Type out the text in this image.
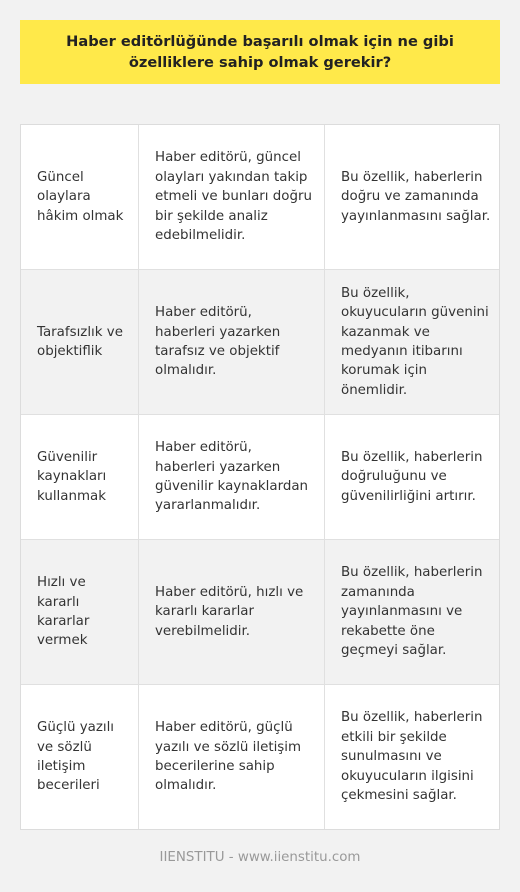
Haber editörlüğünde başarılı olmak için ne gibi özelliklere sahip olmak gerekir?
Güncel olaylara hâkim olmak
Haber editörü, güncel olayları yakından takip etmeli ve bunları doğru bir şekilde analiz edebilmelidir.
Bu özellik, haberlerin doğru ve zamanında yayınlanmasını sağlar.
Tarafsızlık ve objektiflik
Haber editörü, haberleri yazarken tarafsız ve objektif olmalıdır.
Bu özellik, okuyucuların güvenini kazanmak ve medyanın itibarını korumak için önemlidir.
Güvenilir kaynakları kullanmak
Haber editörü, haberleri yazarken güvenilir kaynaklardan yararlanmalıdır.
Bu özellik, haberlerin doğruluğunu ve güvenilirliğini artırır.
Hızlı ve kararlı kararlar vermek
Haber editörü, hızlı ve kararlı kararlar verebilmelidir.
Bu özellik, haberlerin zamanında yayınlanmasını ve rekabette öne geçmeyi sağlar.
Güçlü yazılı ve sözlü iletişim becerileri
Haber editörü, güçlü yazılı ve sözlü iletişim becerilerine sahip olmalıdır.
Bu özellik, haberlerin etkili bir şekilde sunulmasını ve okuyucuların ilgisini çekmesini sağlar.
IIENSTITU - www.iienstitu.com
